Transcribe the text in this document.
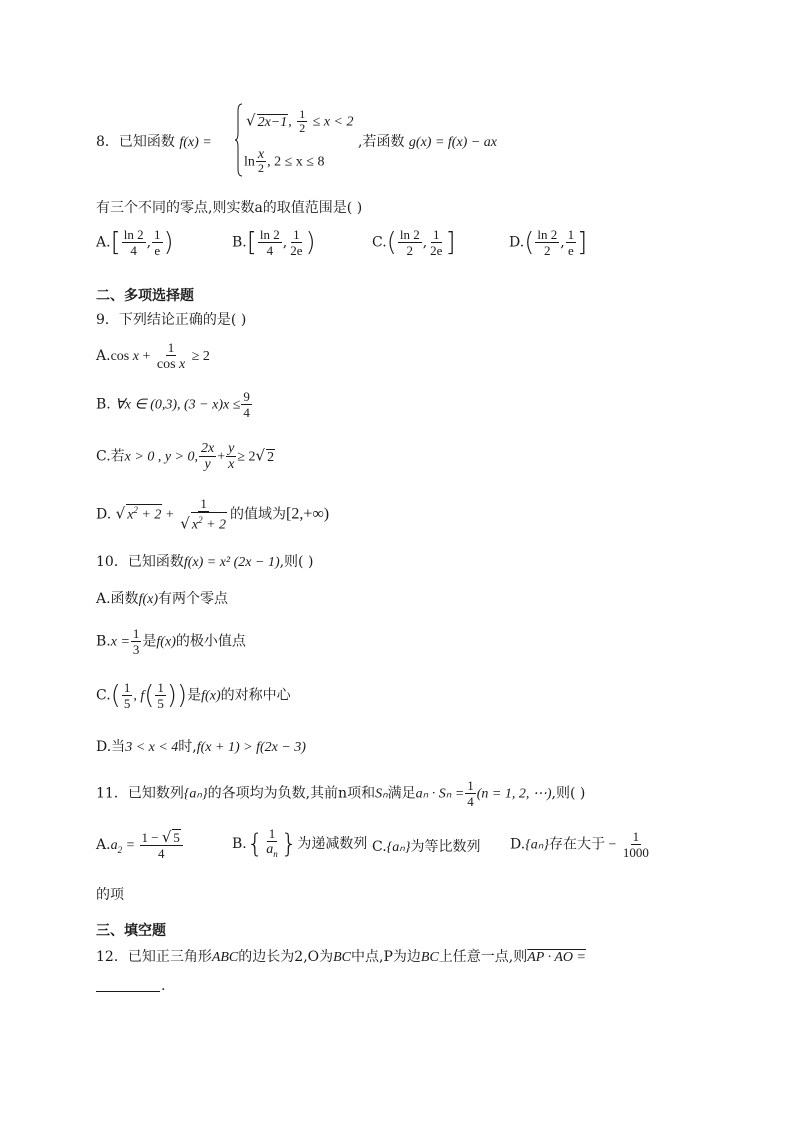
8．已知函数 f(x) =
√ 2x−1, $\frac{1}{2} \le x < 2$
$\ln \frac{x}{2}$ , 2 ≤ x ≤ 8
,若函数 g(x) = f(x) − ax
有三个不同的零点,则实数a的取值范围是( )
$A.[ \frac{\ln 2}{4}$ , $\frac{1}{e}$ )	$B.[ \frac{\ln 2}{4}$ , $\frac{1}{2e}$ )	$C.( \frac{\ln 2}{2}$ , $\frac{1}{2e}$ ]	$D.( \frac{\ln 2}{2}$ , $\frac{1}{e}$ ]
二、多项选择题
9．下列结论正确的是( )
A.cos $x + \frac{1}{\text{cos x}} \ge 2$
B. ∀x ∈ (0,3), $(3 - x)x \le \frac{9}{4}$
C.若x > 0 , y > 0, $\frac{2x}{y} + \frac{y}{x} \ge 2√$ 2
D. √ $x^2 + 2 + \frac{1}{√ x^2 + 2}$ 的值域为[2,+∞)
10．已知函数f(x) = x² (2x − 1),则( )
A.函数f(x)有两个零点
$B.x = \frac{1}{3}$ 是f(x)的极小值点
$C.( \frac{1}{5}$ , $f( \frac{1}{5}$ ))是f(x)的对称中心
D.当3 < x < 4时,f(x + 1) > f(2x − 3)
11．已知数列{aₙ}的各项均为负数,其前n项和Sₙ满足$a_n \cdot S_n = \frac{1}{4} (n = 1$, 2, ⋯),则( )
$A.a_2 = \frac{1 - √ 5}{4}$	$B.\{ \frac{1}{a_n}$ }为递减数列 C.{aₙ}为等比数列 D.{aₙ}存在大于 − $\frac{1}{1000}$
的项
三、填空题
12．已知正三角形ABC的边长为2,O为BC中点,P为边BC上任意一点,则AP · AO =
.
